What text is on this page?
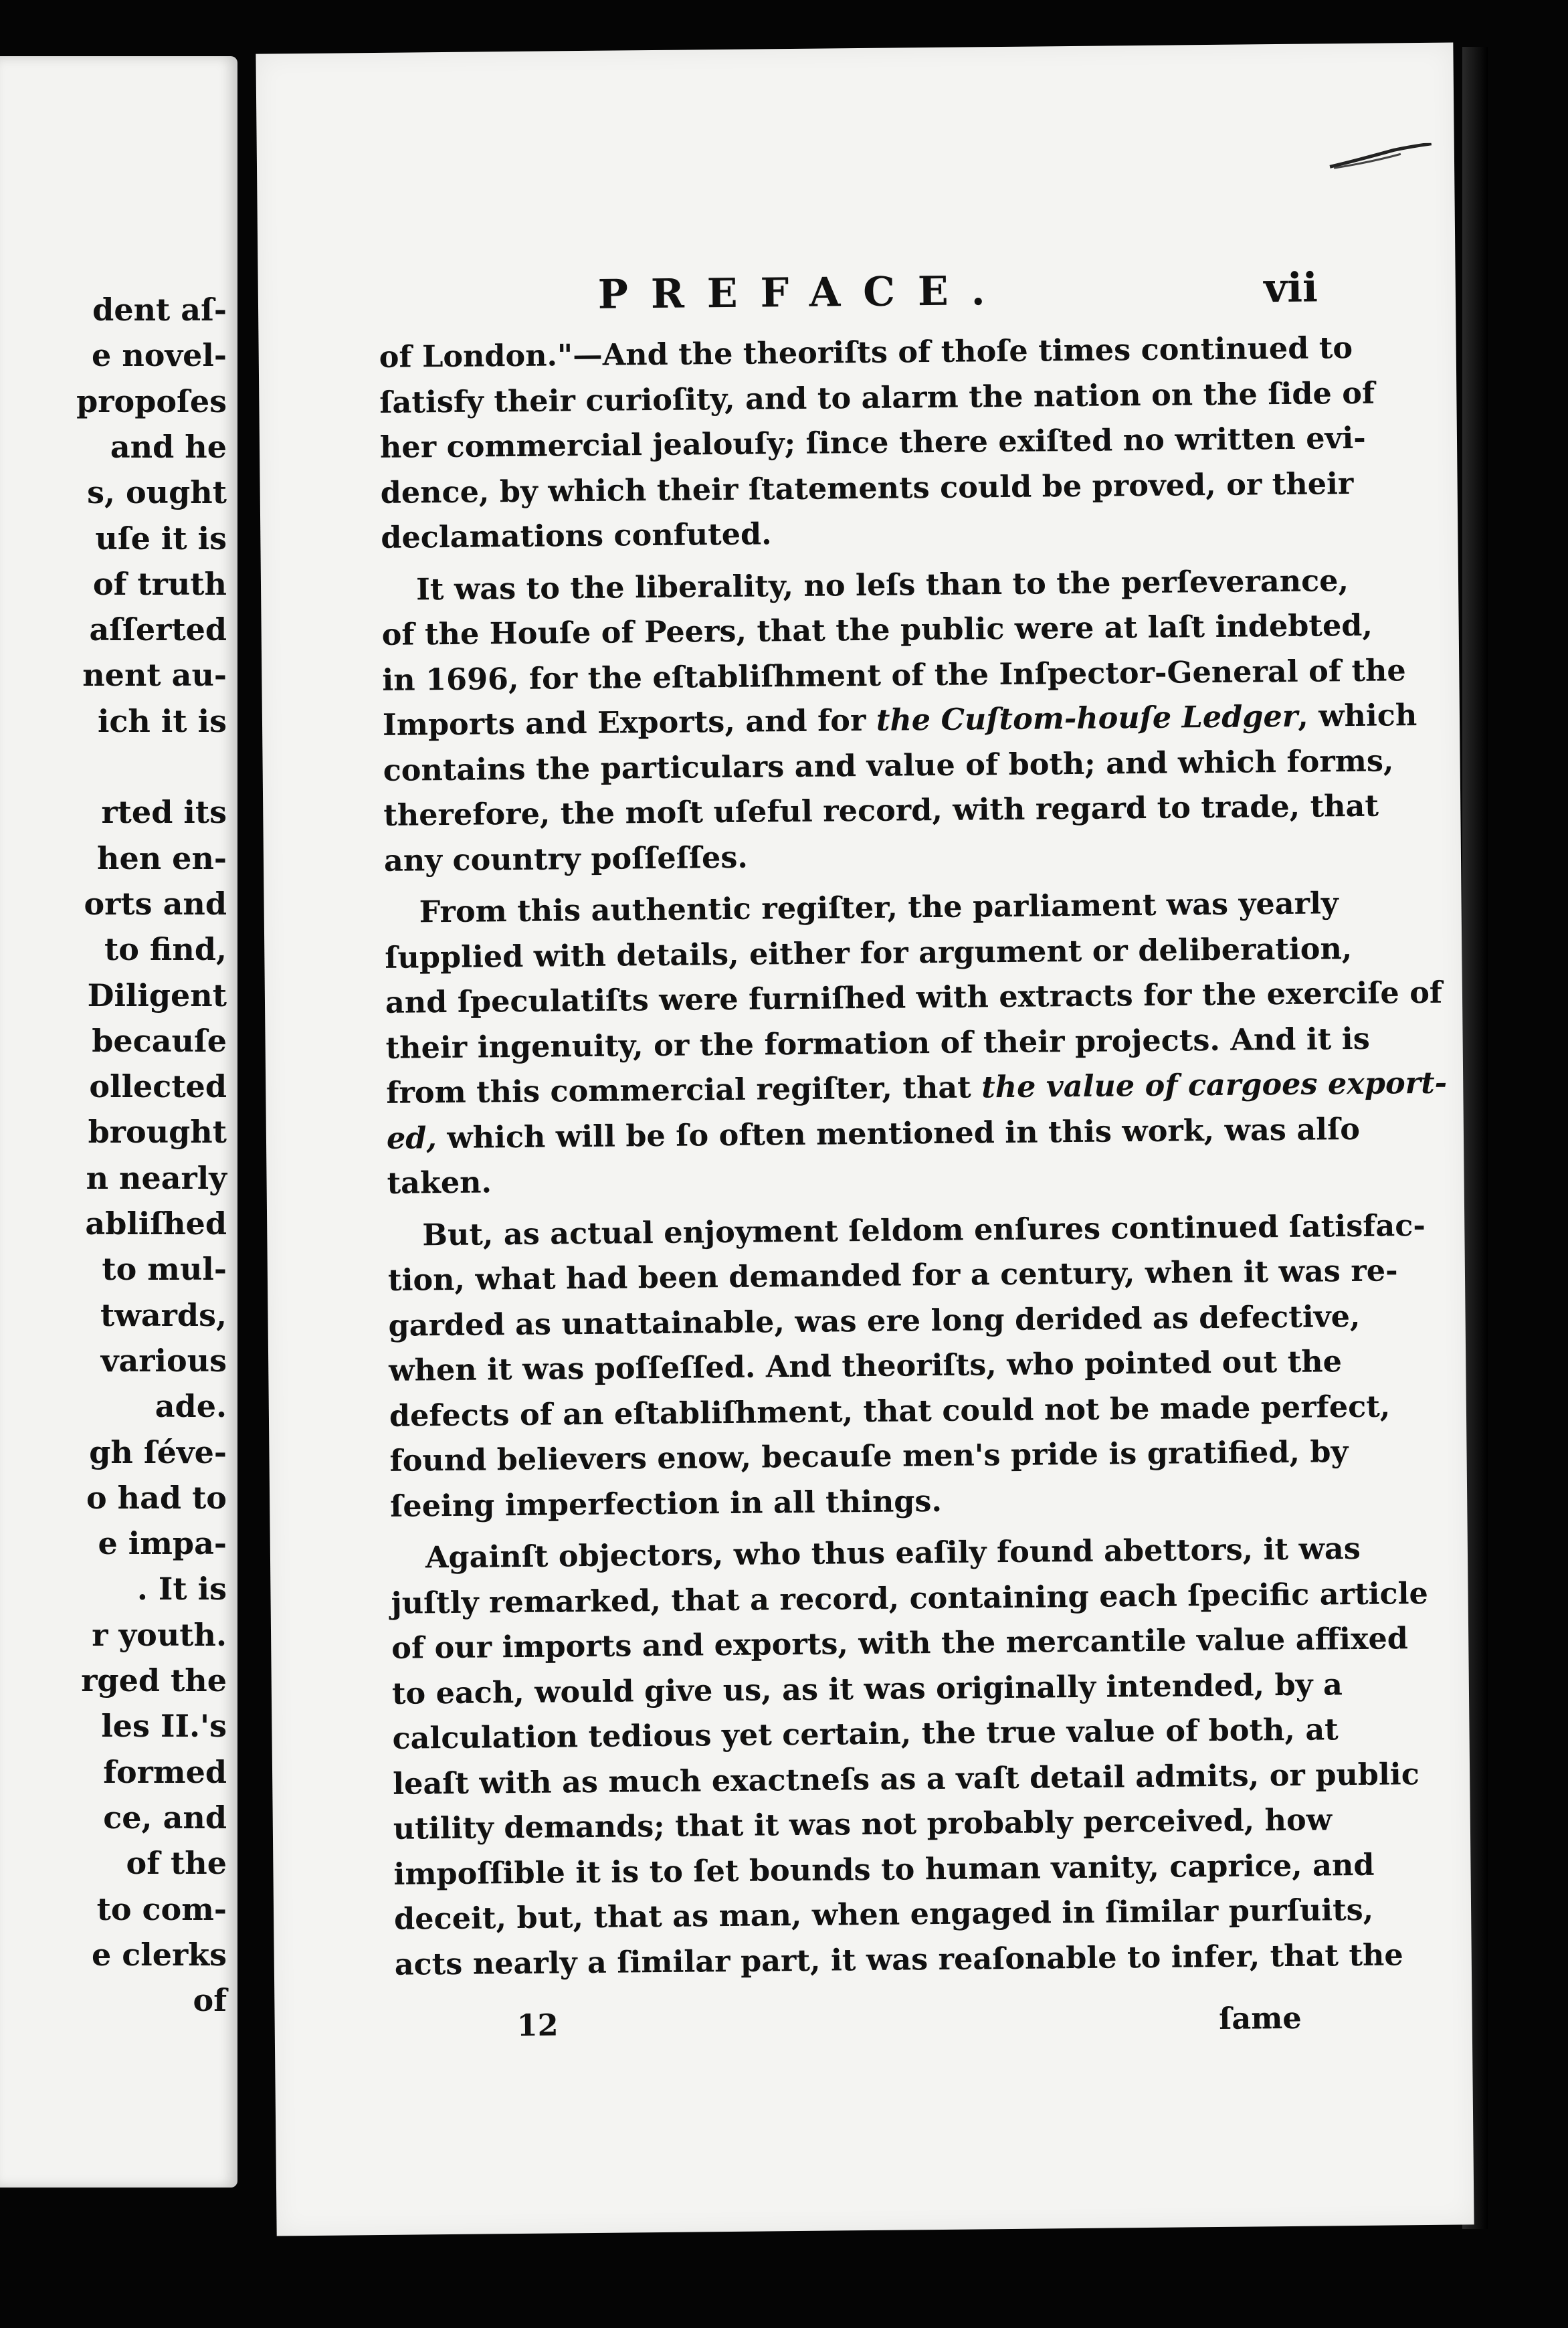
dent aſ-
e novel-
propoſes
and he
s, ought
uſe it is
of truth
aſſerted
nent au-
ich it is
rted its
hen en-
orts and
to find,
Diligent
becauſe
ollected
brought
n nearly
abliſhed
to mul-
twards,
various
ade.
gh ſéve-
o had to
e impa-
. It is
r youth.
rged the
les II.'s
formed
ce, and
of the
to com-
e clerks
of
PREFACE.	vii
of London."—And the theoriſts of thoſe times continued to
ſatisfy their curioſity, and to alarm the nation on the ſide of
her commercial jealouſy; ſince there exiſted no written evi-
dence, by which their ſtatements could be proved, or their
declamations confuted.
It was to the liberality, no leſs than to the perſeverance,
of the Houſe of Peers, that the public were at laſt indebted,
in 1696, for the eſtabliſhment of the Inſpector-General of the
Imports and Exports, and for the Cuſtom-houſe Ledger, which
contains the particulars and value of both; and which forms,
therefore, the moſt uſeful record, with regard to trade, that
any country poſſeſſes.
From this authentic regiſter, the parliament was yearly
ſupplied with details, either for argument or deliberation,
and ſpeculatiſts were furniſhed with extracts for the exerciſe of
their ingenuity, or the formation of their projects. And it is
from this commercial regiſter, that the value of cargoes export-
ed, which will be ſo often mentioned in this work, was alſo
taken.
But, as actual enjoyment ſeldom enſures continued ſatisfac-
tion, what had been demanded for a century, when it was re-
garded as unattainable, was ere long derided as defective,
when it was poſſeſſed. And theoriſts, who pointed out the
defects of an eſtabliſhment, that could not be made perfect,
found believers enow, becauſe men's pride is gratified, by
ſeeing imperfection in all things.
Againſt objectors, who thus eaſily found abettors, it was
juſtly remarked, that a record, containing each ſpecific article
of our imports and exports, with the mercantile value affixed
to each, would give us, as it was originally intended, by a
calculation tedious yet certain, the true value of both, at
leaſt with as much exactneſs as a vaſt detail admits, or public
utility demands; that it was not probably perceived, how
impoſſible it is to ſet bounds to human vanity, caprice, and
deceit, but, that as man, when engaged in ſimilar purſuits,
acts nearly a ſimilar part, it was reaſonable to infer, that the
12	ſame
